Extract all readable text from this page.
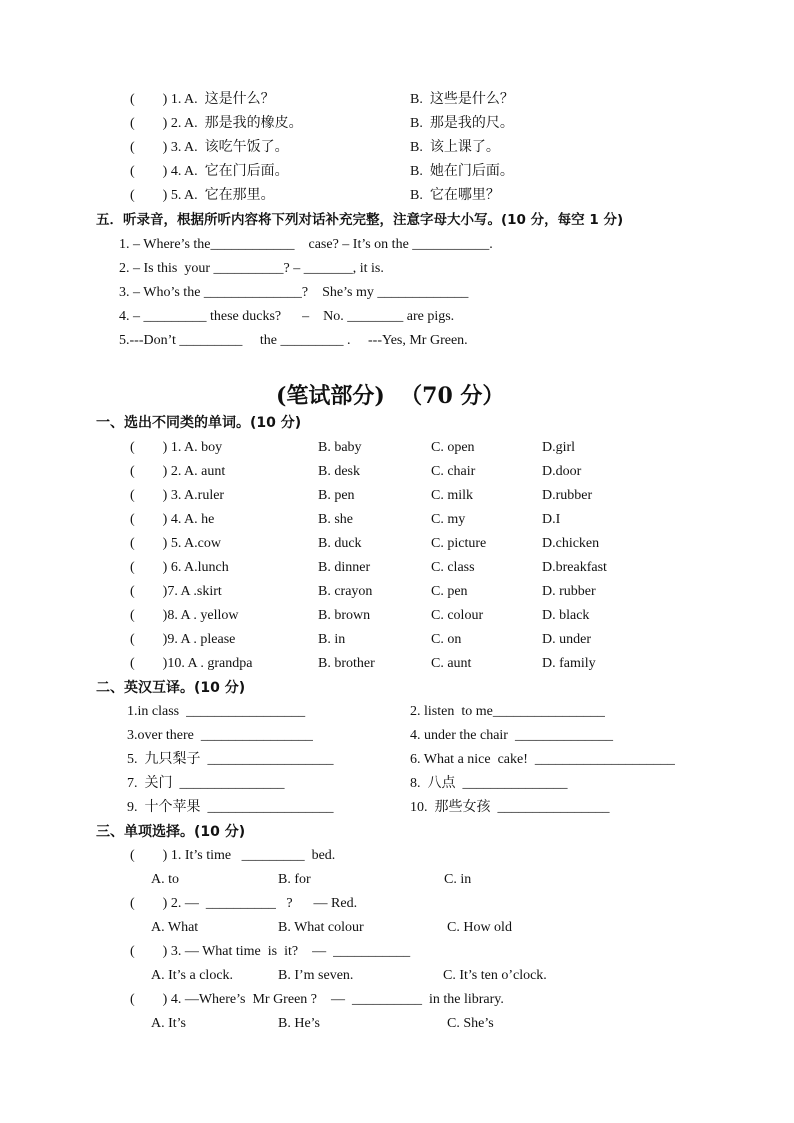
(        ) 1. A.  这是什么？	B.  这些是什么？
(        ) 2. A.  那是我的橡皮。	B.  那是我的尺。
(        ) 3. A.  该吃午饭了。	B.  该上课了。
(        ) 4. A.  它在门后面。	B.  她在门后面。
(        ) 5. A.  它在那里。	B.  它在哪里？
五．听录音，根据所听内容将下列对话补充完整，注意字母大小写。(10 分，每空 1 分)
1. – Where’s the____________    case? – It’s on the ___________.
2. – Is this  your __________? – _______, it is.
3. – Who’s the ______________?    She’s my _____________
4. – _________ these ducks?      –    No. ________ are pigs.
5.---Don’t _________     the _________ .     ---Yes, Mr Green.
(笔试部分)  （70 分）
一、选出不同类的单词。(10 分)
(        ) 1. A. boy	B. baby	C. open	D.girl
(        ) 2. A. aunt	B. desk	C. chair	D.door
(        ) 3. A.ruler	B. pen	C. milk	D.rubber
(        ) 4. A. he	B. she	C. my	D.I
(        ) 5. A.cow	B. duck	C. picture	D.chicken
(        ) 6. A.lunch	B. dinner	C. class	D.breakfast
(        )7. A .skirt	B. crayon	C. pen	D. rubber
(        )8. A . yellow	B. brown	C. colour	D. black
(        )9. A . please	B. in	C. on	D. under
(        )10. A . grandpa	B. brother	C. aunt	D. family
二、英汉互译。(10 分)
1.in class  _________________	2. listen  to me________________
3.over there  ________________	4. under the chair  ______________
5.  九只梨子  __________________	6. What a nice  cake!  ____________________
7.  关门  _______________	8.  八点  _______________
9.  十个苹果  __________________	10.  那些女孩  ________________
三、单项选择。(10 分)
(        ) 1. It’s time   _________  bed.
A. to	B. for	C. in
(        ) 2. —  __________   ?      — Red.
A. What	B. What colour	C. How old
(        ) 3. — What time  is  it?    —  ___________
A. It’s a clock.	B. I’m seven.	C. It’s ten o’clock.
(        ) 4. —Where’s  Mr Green ?    —  __________  in the library.
A. It’s	B. He’s	C. She’s
